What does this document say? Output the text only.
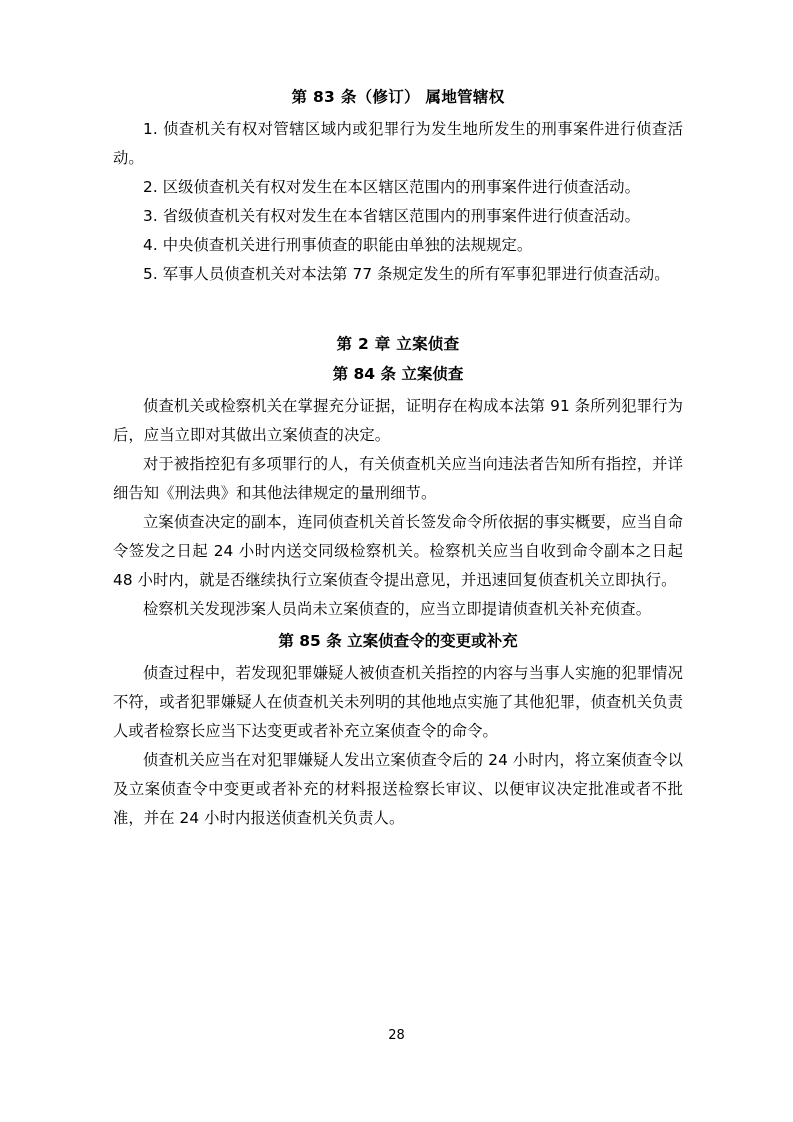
第 83 条（修订） 属地管辖权

1. 侦查机关有权对管辖区域内或犯罪行为发生地所发生的刑事案件进行侦查活动。

2. 区级侦查机关有权对发生在本区辖区范围内的刑事案件进行侦查活动。

3. 省级侦查机关有权对发生在本省辖区范围内的刑事案件进行侦查活动。

4. 中央侦查机关进行刑事侦查的职能由单独的法规规定。

5. 军事人员侦查机关对本法第 77 条规定发生的所有军事犯罪进行侦查活动。

第 2 章 立案侦查
第 84 条 立案侦查

侦查机关或检察机关在掌握充分证据，证明存在构成本法第 91 条所列犯罪行为后，应当立即对其做出立案侦查的决定。

对于被指控犯有多项罪行的人，有关侦查机关应当向违法者告知所有指控，并详细告知《刑法典》和其他法律规定的量刑细节。

立案侦查决定的副本，连同侦查机关首长签发命令所依据的事实概要，应当自命令签发之日起 24 小时内送交同级检察机关。检察机关应当自收到命令副本之日起 48 小时内，就是否继续执行立案侦查令提出意见，并迅速回复侦查机关立即执行。

检察机关发现涉案人员尚未立案侦查的，应当立即提请侦查机关补充侦查。

第 85 条 立案侦查令的变更或补充

侦查过程中，若发现犯罪嫌疑人被侦查机关指控的内容与当事人实施的犯罪情况不符，或者犯罪嫌疑人在侦查机关未列明的其他地点实施了其他犯罪，侦查机关负责人或者检察长应当下达变更或者补充立案侦查令的命令。

侦查机关应当在对犯罪嫌疑人发出立案侦查令后的 24 小时内，将立案侦查令以及立案侦查令中变更或者补充的材料报送检察长审议、以便审议决定批准或者不批准，并在 24 小时内报送侦查机关负责人。

28
